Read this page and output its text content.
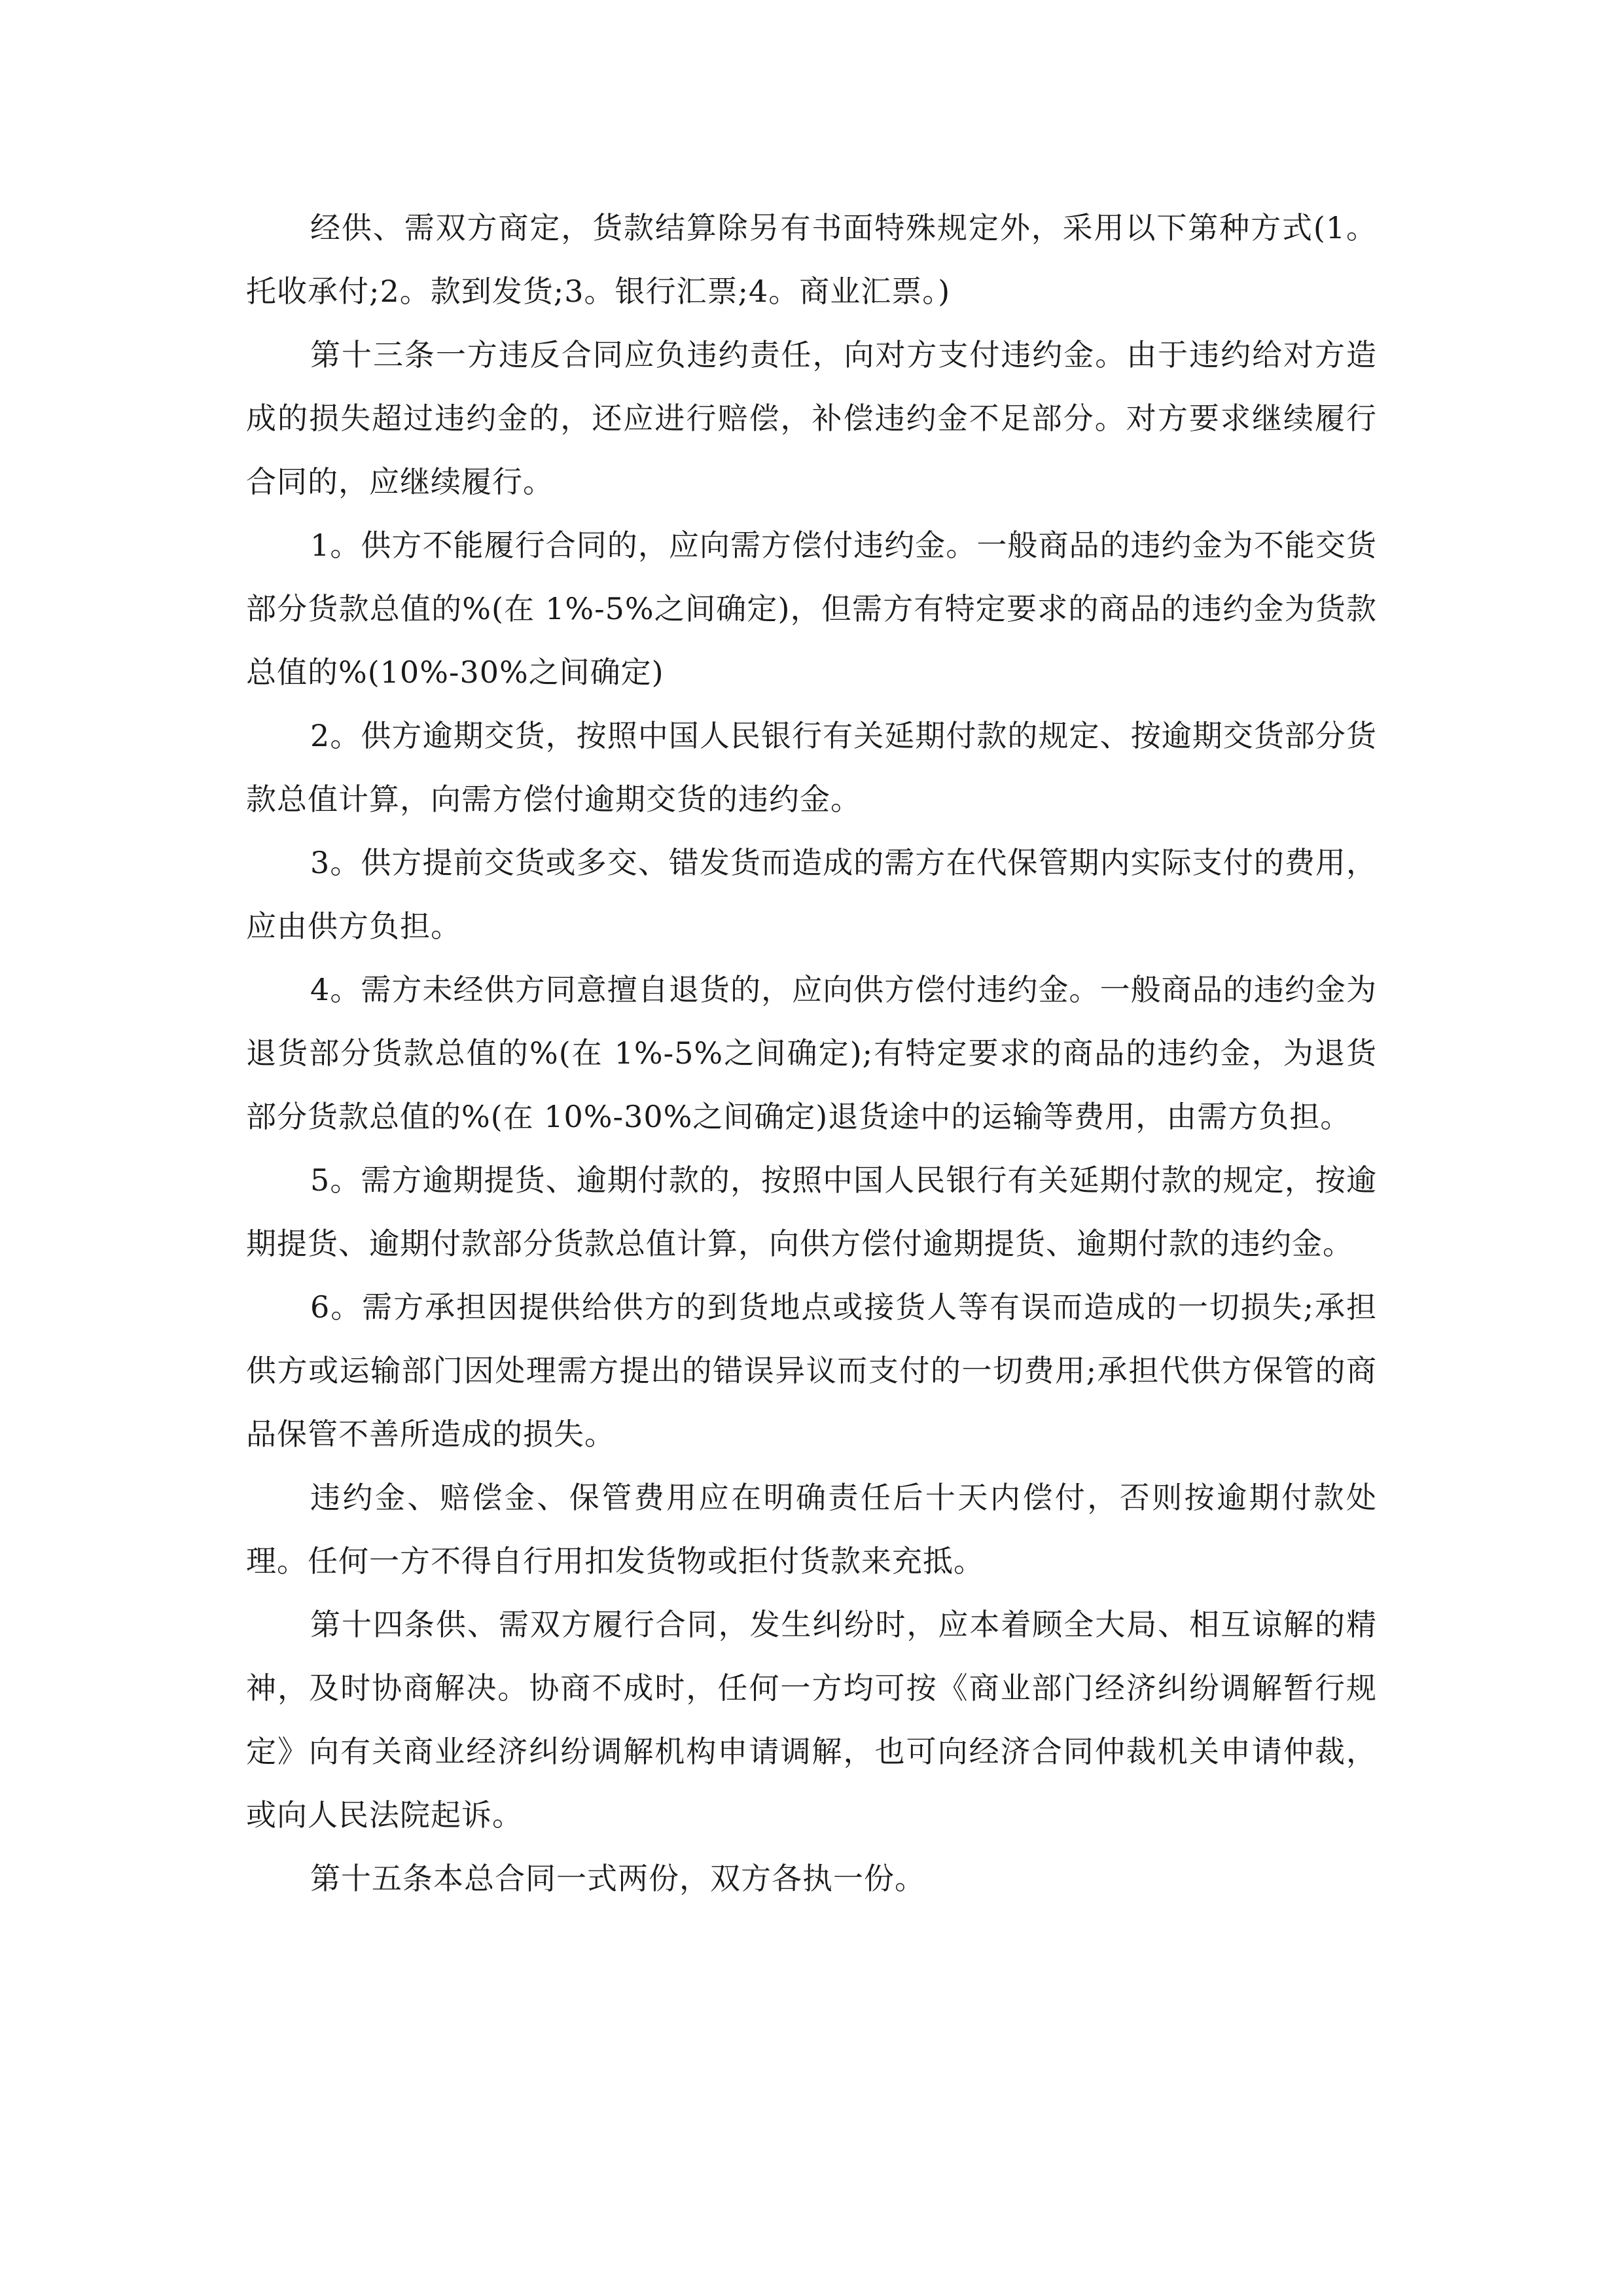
经供、需双方商定，货款结算除另有书面特殊规定外，采用以下第种方式(1。托收承付;2。款到发货;3。银行汇票;4。商业汇票。)

第十三条一方违反合同应负违约责任，向对方支付违约金。由于违约给对方造成的损失超过违约金的，还应进行赔偿，补偿违约金不足部分。对方要求继续履行合同的，应继续履行。

1。供方不能履行合同的，应向需方偿付违约金。一般商品的违约金为不能交货部分货款总值的%(在 1%-5%之间确定)，但需方有特定要求的商品的违约金为货款总值的%(10%-30%之间确定)

2。供方逾期交货，按照中国人民银行有关延期付款的规定、按逾期交货部分货款总值计算，向需方偿付逾期交货的违约金。

3。供方提前交货或多交、错发货而造成的需方在代保管期内实际支付的费用，应由供方负担。

4。需方未经供方同意擅自退货的，应向供方偿付违约金。一般商品的违约金为退货部分货款总值的%(在 1%-5%之间确定);有特定要求的商品的违约金，为退货部分货款总值的%(在 10%-30%之间确定)退货途中的运输等费用，由需方负担。

5。需方逾期提货、逾期付款的，按照中国人民银行有关延期付款的规定，按逾期提货、逾期付款部分货款总值计算，向供方偿付逾期提货、逾期付款的违约金。

6。需方承担因提供给供方的到货地点或接货人等有误而造成的一切损失;承担供方或运输部门因处理需方提出的错误异议而支付的一切费用;承担代供方保管的商品保管不善所造成的损失。

违约金、赔偿金、保管费用应在明确责任后十天内偿付，否则按逾期付款处理。任何一方不得自行用扣发货物或拒付货款来充抵。

第十四条供、需双方履行合同，发生纠纷时，应本着顾全大局、相互谅解的精神，及时协商解决。协商不成时，任何一方均可按《商业部门经济纠纷调解暂行规定》向有关商业经济纠纷调解机构申请调解，也可向经济合同仲裁机关申请仲裁，或向人民法院起诉。

第十五条本总合同一式两份，双方各执一份。
